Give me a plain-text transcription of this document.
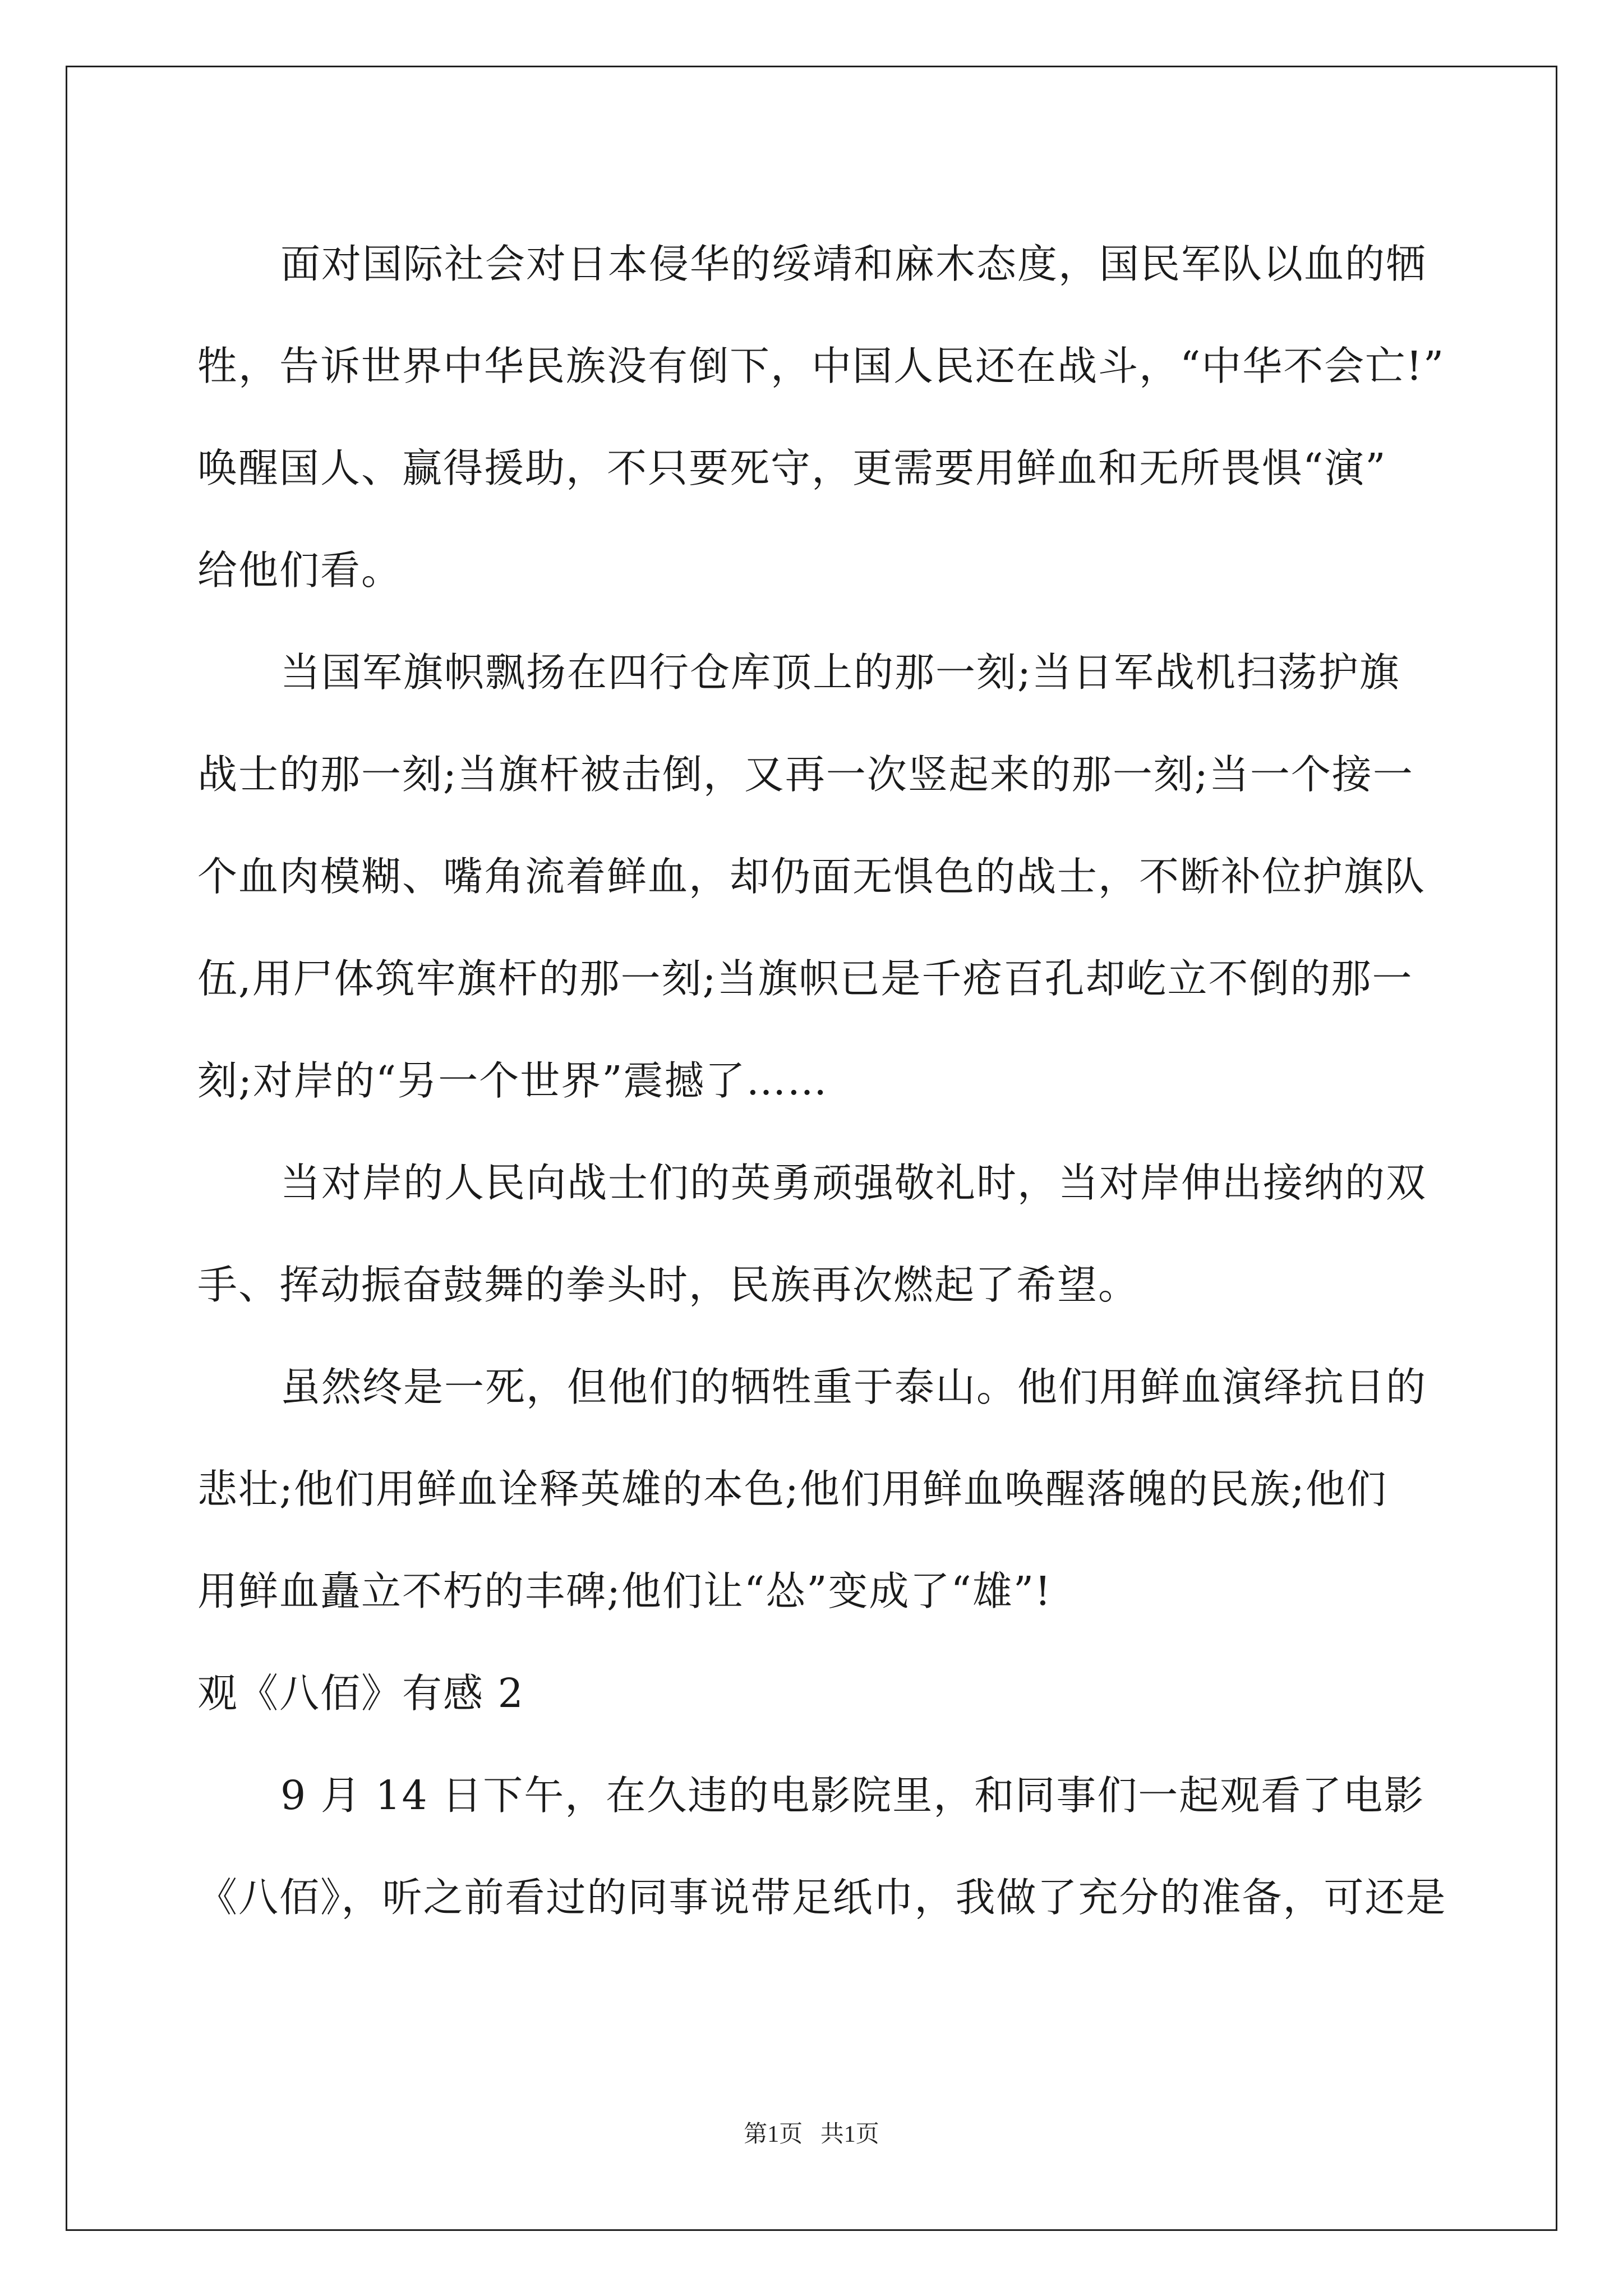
面对国际社会对日本侵华的绥靖和麻木态度，国民军队以血的牺
牲，告诉世界中华民族没有倒下，中国人民还在战斗，“中华不会亡!”
唤醒国人、赢得援助，不只要死守，更需要用鲜血和无所畏惧“演”
给他们看。
当国军旗帜飘扬在四行仓库顶上的那一刻;当日军战机扫荡护旗
战士的那一刻;当旗杆被击倒，又再一次竖起来的那一刻;当一个接一
个血肉模糊、嘴角流着鲜血，却仍面无惧色的战士，不断补位护旗队
伍,用尸体筑牢旗杆的那一刻;当旗帜已是千疮百孔却屹立不倒的那一
刻;对岸的“另一个世界”震撼了……
当对岸的人民向战士们的英勇顽强敬礼时，当对岸伸出接纳的双
手、挥动振奋鼓舞的拳头时，民族再次燃起了希望。
虽然终是一死，但他们的牺牲重于泰山。他们用鲜血演绎抗日的
悲壮;他们用鲜血诠释英雄的本色;他们用鲜血唤醒落魄的民族;他们
用鲜血矗立不朽的丰碑;他们让“怂”变成了“雄”!
观《八佰》有感 2
9 月 14 日下午，在久违的电影院里，和同事们一起观看了电影
《八佰》，听之前看过的同事说带足纸巾，我做了充分的准备，可还是
第1页   共1页
